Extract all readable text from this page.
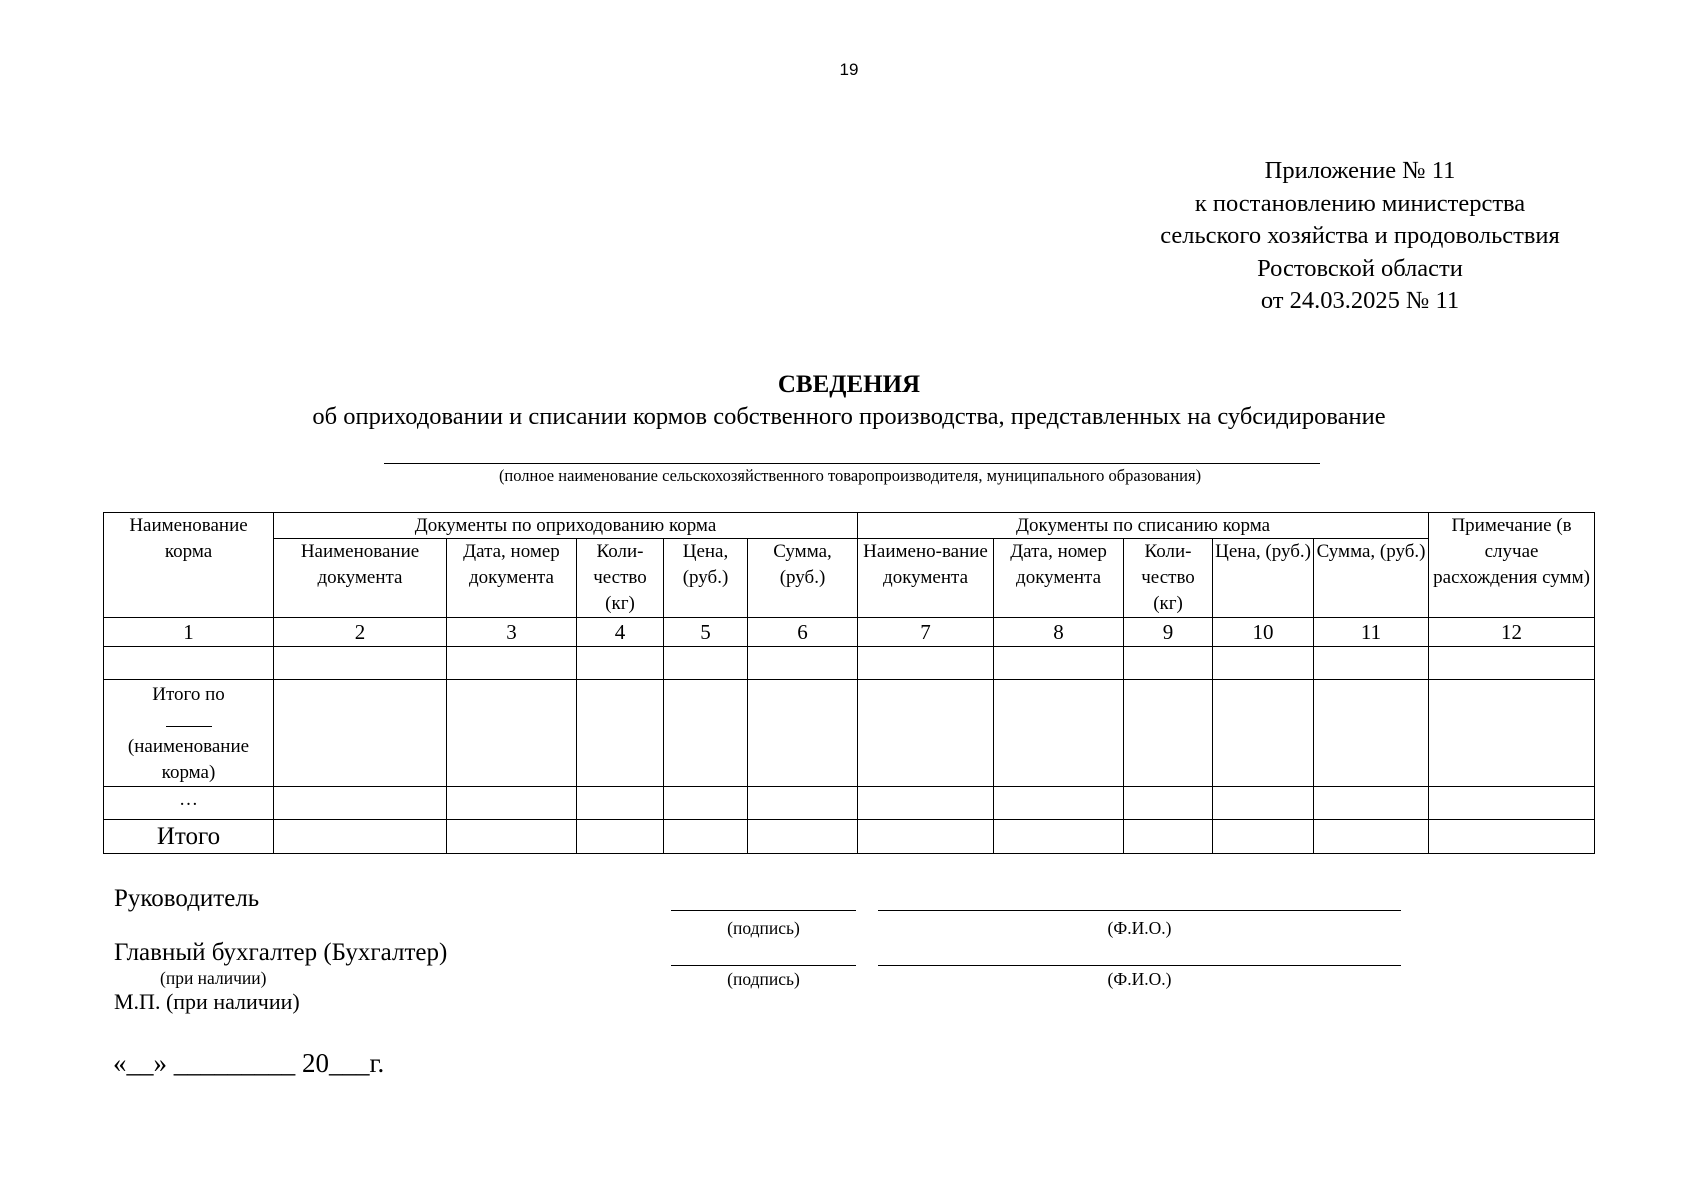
19
Приложение № 11
к постановлению министерства
сельского хозяйства и продовольствия
Ростовской области
от 24.03.2025 № 11
СВЕДЕНИЯ
об оприходовании и списании кормов собственного производства, представленных на субсидирование
(полное наименование сельскохозяйственного товаропроизводителя, муниципального образования)
Наименование корма	Документы по оприходованию корма					Документы по списанию корма					Примечание (в случае расхождения сумм)
	Наименование документа	Дата, номер документа	Коли-чество (кг)	Цена, (руб.)	Сумма, (руб.)	Наимено-вание документа	Дата, номер документа	Коли-чество (кг)	Цена, (руб.)	Сумма, (руб.)	
1	2	3	4	5	6	7	8	9	10	11	12

Итого по
(наименование корма)											

…											
Итого											
Руководитель
(подпись)	(Ф.И.О.)
Главный бухгалтер (Бухгалтер)
(при наличии)	(подпись)	(Ф.И.О.)
М.П. (при наличии)
«__» _________ 20___г.
